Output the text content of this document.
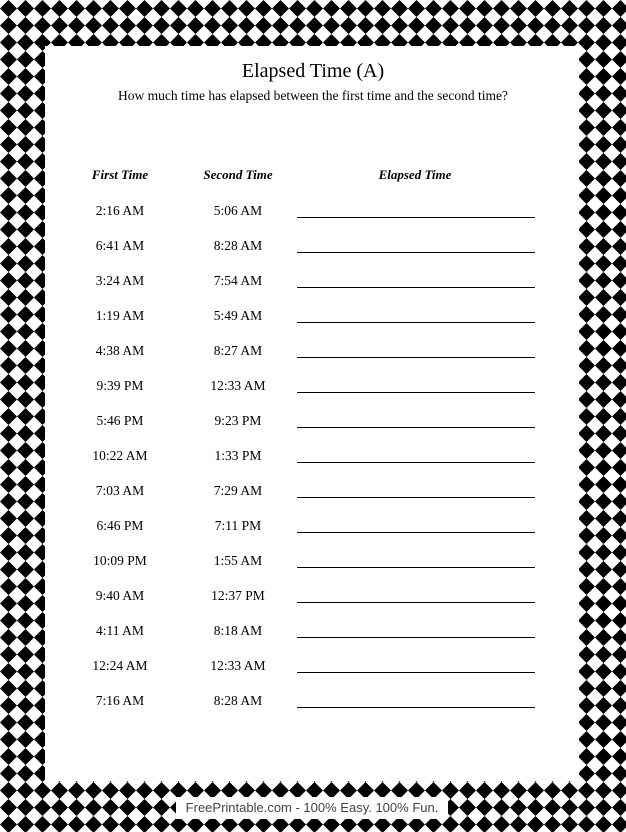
Elapsed Time (A)
How much time has elapsed between the first time and the second time?
First Time	Second Time	Elapsed Time
2:16 AM	5:06 AM
6:41 AM	8:28 AM
3:24 AM	7:54 AM
1:19 AM	5:49 AM
4:38 AM	8:27 AM
9:39 PM	12:33 AM
5:46 PM	9:23 PM
10:22 AM	1:33 PM
7:03 AM	7:29 AM
6:46 PM	7:11 PM
10:09 PM	1:55 AM
9:40 AM	12:37 PM
4:11 AM	8:18 AM
12:24 AM	12:33 AM
7:16 AM	8:28 AM
FreePrintable.com - 100% Easy. 100% Fun.
